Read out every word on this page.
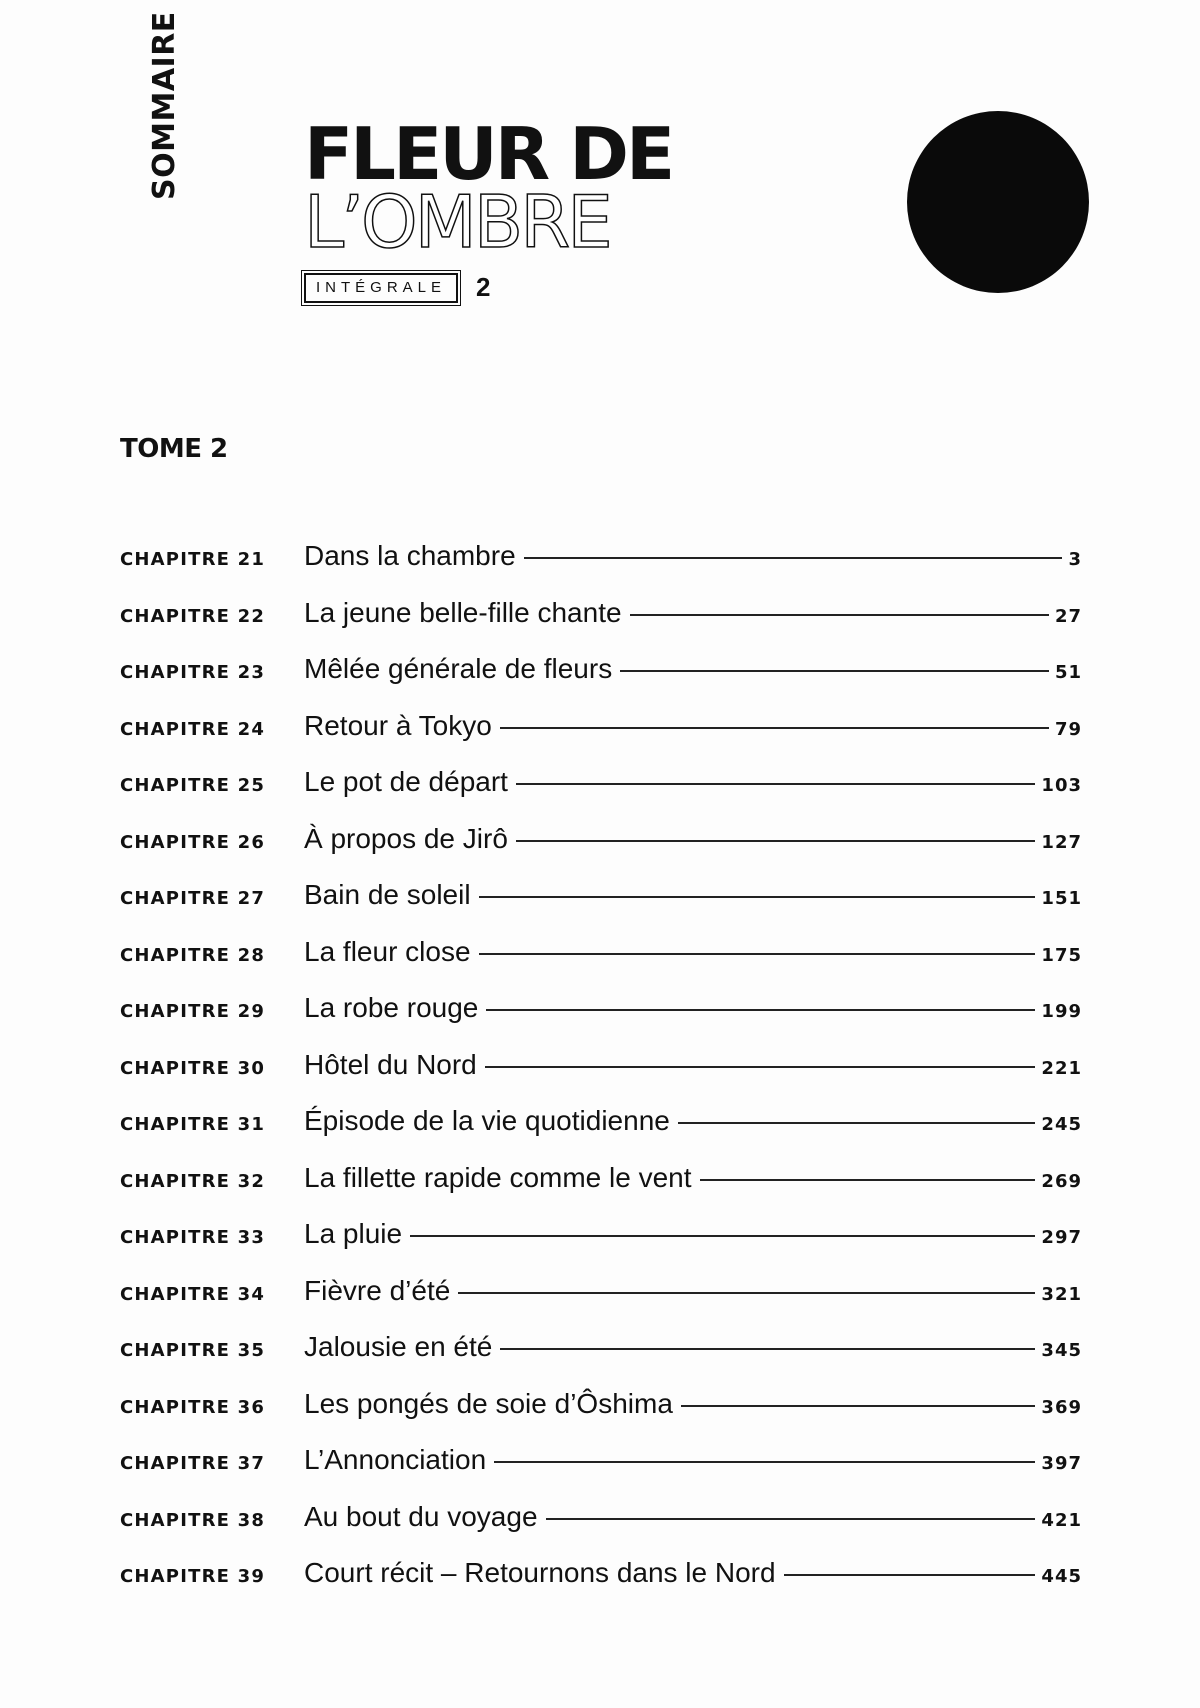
SOMMAIRE FLEUR DE
L’OMBRE
INTÉGRALE	2
TOME 2
CHAPITRE 21	Dans la chambre	3
CHAPITRE 22	La jeune belle-fille chante	27
CHAPITRE 23	Mêlée générale de fleurs	51
CHAPITRE 24	Retour à Tokyo	79
CHAPITRE 25	Le pot de départ	103
CHAPITRE 26	À propos de Jirô	127
CHAPITRE 27	Bain de soleil	151
CHAPITRE 28	La fleur close	175
CHAPITRE 29	La robe rouge	199
CHAPITRE 30	Hôtel du Nord	221
CHAPITRE 31	Épisode de la vie quotidienne	245
CHAPITRE 32	La fillette rapide comme le vent	269
CHAPITRE 33	La pluie	297
CHAPITRE 34	Fièvre d’été	321
CHAPITRE 35	Jalousie en été	345
CHAPITRE 36	Les pongés de soie d’Ôshima	369
CHAPITRE 37	L’Annonciation	397
CHAPITRE 38	Au bout du voyage	421
CHAPITRE 39	Court récit – Retournons dans le Nord	445
